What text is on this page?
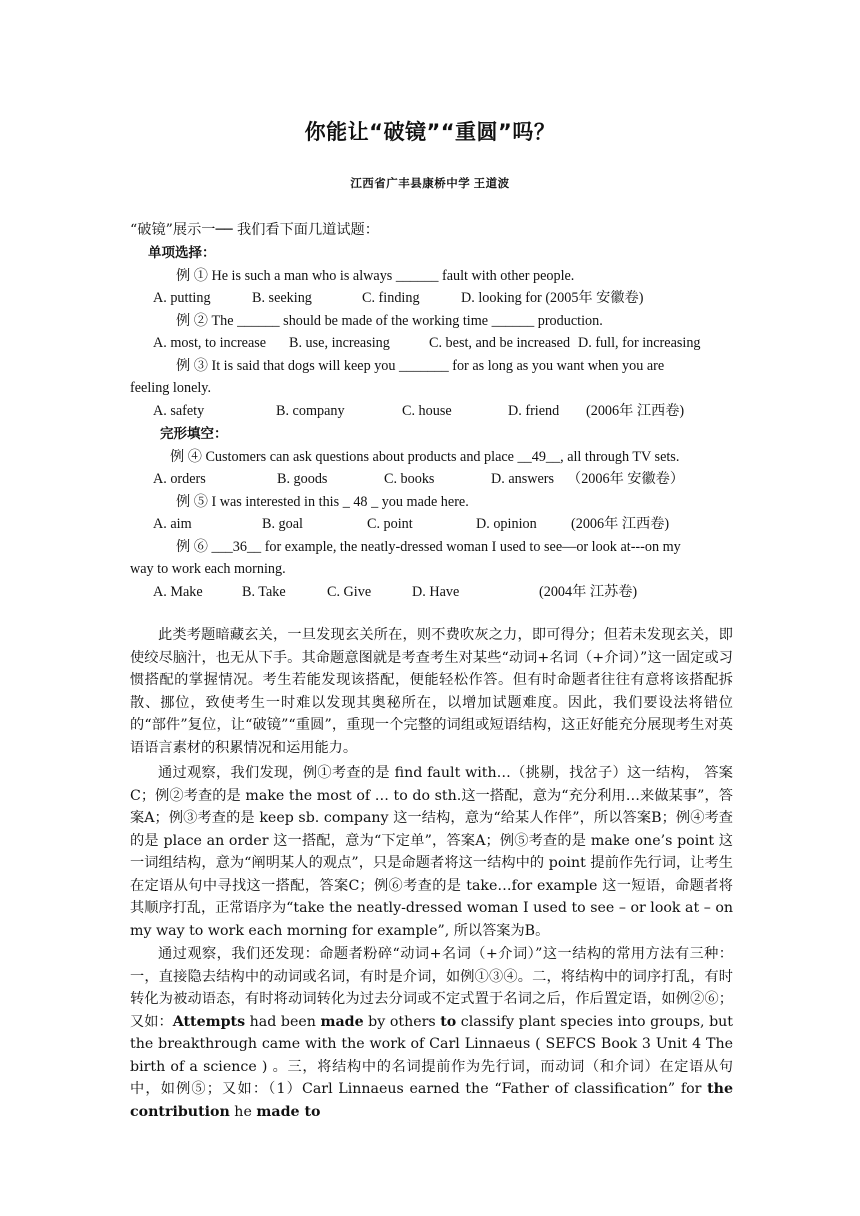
你能让“破镜”“重圆”吗？
江西省广丰县康桥中学 王道波
“破镜”展示一── 我们看下面几道试题：
单项选择：
例 ① He is such a man who is always ______ fault with other people.
A. putting	B. seeking	C. finding	D. looking for (2005年 安徽卷)
例 ② The ______ should be made of the working time ______ production.
A. most, to increase B. use, increasing	C. best, and be increased D. full, for increasing
例 ③ It is said that dogs will keep you _______ for as long as you want when you are
feeling lonely.
A. safety	B. company	C. house	D. friend (2006年 江西卷)
完形填空：
例 ④ Customers can ask questions about products and place __49__, all through TV sets.
A. orders	B. goods	C. books	D. answers （2006年 安徽卷）
例 ⑤ I was interested in this _ 48 _ you made here.
A. aim	B. goal	C. point	D. opinion (2006年 江西卷)
例 ⑥ ___36__ for example, the neatly-dressed woman I used to see—or look at---on my
way to work each morning.
A. Make	B. Take	C. Give	D. Have	(2004年 江苏卷)

此类考题暗藏玄关，一旦发现玄关所在，则不费吹灰之力，即可得分；但若未发现玄关，即使绞尽脑汁，也无从下手。其命题意图就是考查考生对某些“动词+名词（+介词）”这一固定或习惯搭配的掌握情况。考生若能发现该搭配，便能轻松作答。但有时命题者往往有意将该搭配拆散、挪位，致使考生一时难以发现其奥秘所在，以增加试题难度。因此，我们要设法将错位的“部件”复位，让“破镜”“重圆”，重现一个完整的词组或短语结构，这正好能充分展现考生对英语语言素材的积累情况和运用能力。

通过观察，我们发现，例①考查的是 find fault with…（挑剔，找岔子）这一结构， 答案C；例②考查的是 make the most of … to do sth.这一搭配，意为“充分利用…来做某事”，答案A；例③考查的是 keep sb. company 这一结构，意为“给某人作伴”，所以答案B；例④考查的是 place an order 这一搭配，意为“下定单”，答案A；例⑤考查的是 make one’s point 这一词组结构，意为“阐明某人的观点”，只是命题者将这一结构中的 point 提前作先行词，让考生在定语从句中寻找这一搭配，答案C；例⑥考查的是 take…for example 这一短语，命题者将其顺序打乱，正常语序为“take the neatly-dressed woman I used to see – or look at – on my way to work each morning for example”, 所以答案为B。

通过观察，我们还发现：命题者粉碎“动词+名词（+介词）”这一结构的常用方法有三种：一，直接隐去结构中的动词或名词，有时是介词，如例①③④。二，将结构中的词序打乱，有时转化为被动语态，有时将动词转化为过去分词或不定式置于名词之后，作后置定语，如例②⑥；又如：Attempts had been made by others to classify plant species into groups, but the breakthrough came with the work of Carl Linnaeus ( SEFCS Book 3 Unit 4 The birth of a science ) 。三，将结构中的名词提前作为先行词，而动词（和介词）在定语从句中，如例⑤；又如：（1）Carl Linnaeus earned the “Father of classification” for the contribution he made to
